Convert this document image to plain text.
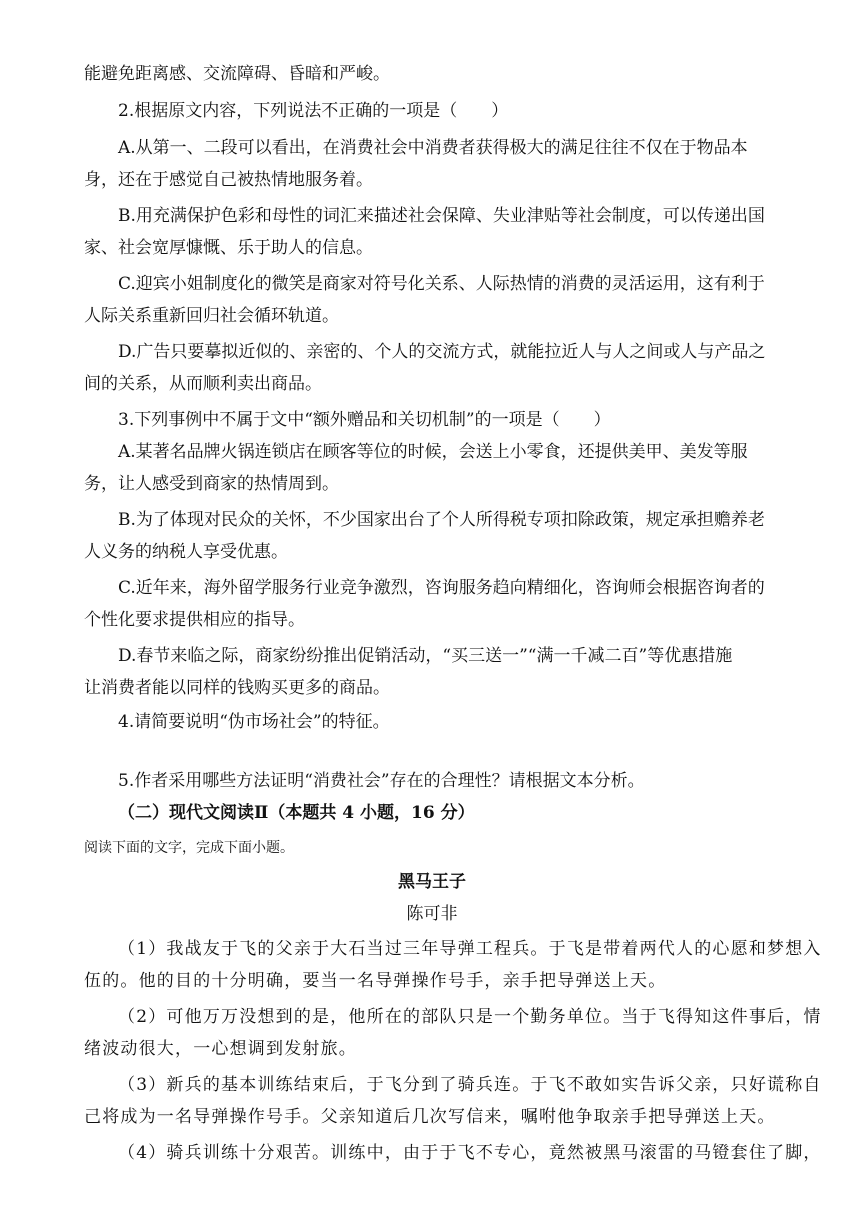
能避免距离感、交流障碍、昏暗和严峻。
2.根据原文内容，下列说法不正确的一项是（　　）
A.从第一、二段可以看出，在消费社会中消费者获得极大的满足往往不仅在于物品本
身，还在于感觉自己被热情地服务着。
B.用充满保护色彩和母性的词汇来描述社会保障、失业津贴等社会制度，可以传递出国
家、社会宽厚慷慨、乐于助人的信息。
C.迎宾小姐制度化的微笑是商家对符号化关系、人际热情的消费的灵活运用，这有利于
人际关系重新回归社会循环轨道。
D.广告只要摹拟近似的、亲密的、个人的交流方式，就能拉近人与人之间或人与产品之
间的关系，从而顺利卖出商品。
3.下列事例中不属于文中“额外赠品和关切机制”的一项是（　　）
A.某著名品牌火锅连锁店在顾客等位的时候，会送上小零食，还提供美甲、美发等服
务，让人感受到商家的热情周到。
B.为了体现对民众的关怀，不少国家出台了个人所得税专项扣除政策，规定承担赡养老
人义务的纳税人享受优惠。
C.近年来，海外留学服务行业竞争激烈，咨询服务趋向精细化，咨询师会根据咨询者的
个性化要求提供相应的指导。
D.春节来临之际，商家纷纷推出促销活动，“买三送一”“满一千减二百”等优惠措施
让消费者能以同样的钱购买更多的商品。
4.请简要说明“伪市场社会”的特征。
5.作者采用哪些方法证明“消费社会”存在的合理性？请根据文本分析。
（二）现代文阅读Ⅱ（本题共 4 小题，16 分）
阅读下面的文字，完成下面小题。
黑马王子
陈可非
（1）我战友于飞的父亲于大石当过三年导弹工程兵。于飞是带着两代人的心愿和梦想入
伍的。他的目的十分明确，要当一名导弹操作号手，亲手把导弹送上天。
（2）可他万万没想到的是，他所在的部队只是一个勤务单位。当于飞得知这件事后，情
绪波动很大，一心想调到发射旅。
（3）新兵的基本训练结束后，于飞分到了骑兵连。于飞不敢如实告诉父亲，只好谎称自
己将成为一名导弹操作号手。父亲知道后几次写信来，嘱咐他争取亲手把导弹送上天。
（4）骑兵训练十分艰苦。训练中，由于于飞不专心，竟然被黑马滚雷的马镫套住了脚，
